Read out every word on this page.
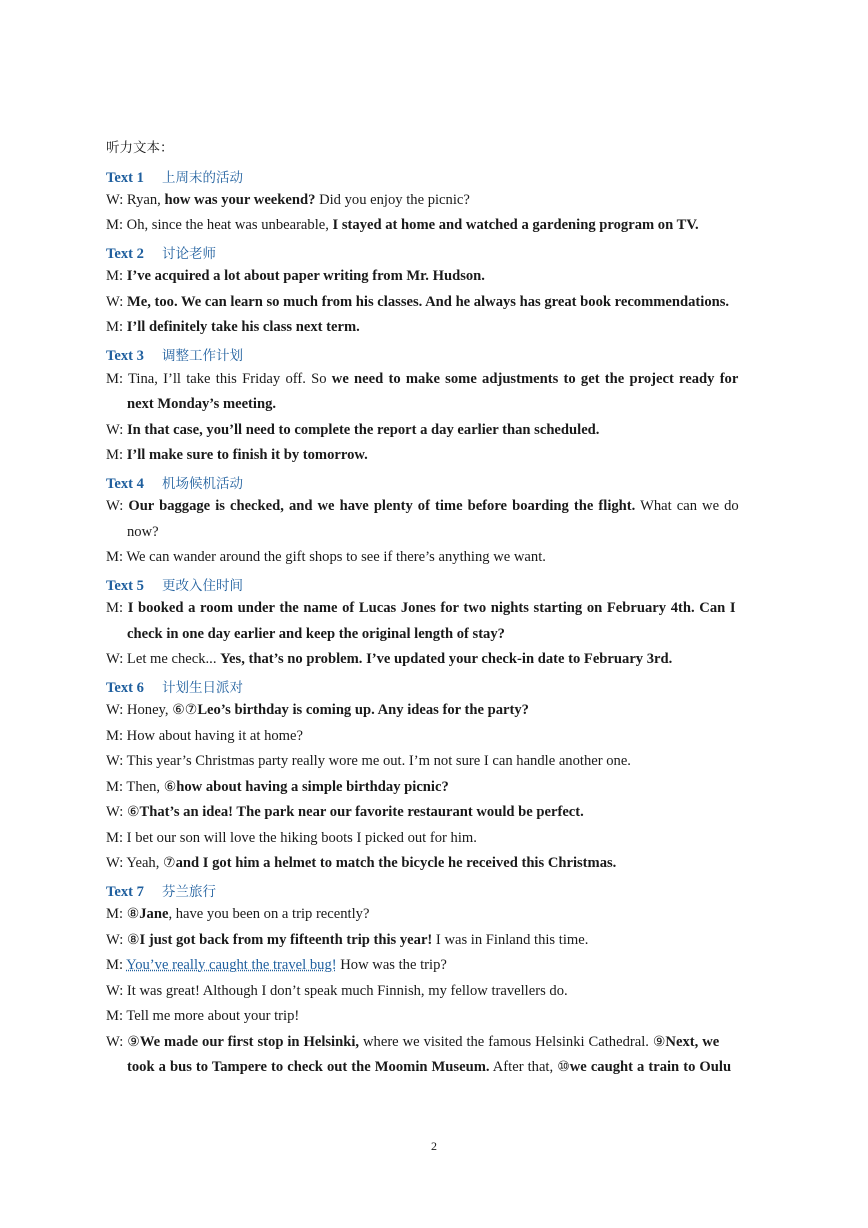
听力文本：
Text 1 上周末的活动
W: Ryan, how was your weekend? Did you enjoy the picnic?
M: Oh, since the heat was unbearable, I stayed at home and watched a gardening program on TV.
Text 2 讨论老师
M: I’ve acquired a lot about paper writing from Mr. Hudson.
W: Me, too. We can learn so much from his classes. And he always has great book recommendations.
M: I’ll definitely take his class next term.
Text 3 调整工作计划
M: Tina, I’ll take this Friday off. So we need to make some adjustments to get the project ready for
next Monday’s meeting.
W: In that case, you’ll need to complete the report a day earlier than scheduled.
M: I’ll make sure to finish it by tomorrow.
Text 4 机场候机活动
W: Our baggage is checked, and we have plenty of time before boarding the flight. What can we do
now?
M: We can wander around the gift shops to see if there’s anything we want.
Text 5 更改入住时间
M: I booked a room under the name of Lucas Jones for two nights starting on February 4th. Can I
check in one day earlier and keep the original length of stay?
W: Let me check... Yes, that’s no problem. I’ve updated your check-in date to February 3rd.
Text 6 计划生日派对
W: Honey, ⑥⑦Leo’s birthday is coming up. Any ideas for the party?
M: How about having it at home?
W: This year’s Christmas party really wore me out. I’m not sure I can handle another one.
M: Then, ⑥how about having a simple birthday picnic?
W: ⑥That’s an idea! The park near our favorite restaurant would be perfect.
M: I bet our son will love the hiking boots I picked out for him.
W: Yeah, ⑦and I got him a helmet to match the bicycle he received this Christmas.
Text 7 芬兰旅行
M: ⑧Jane, have you been on a trip recently?
W: ⑧I just got back from my fifteenth trip this year! I was in Finland this time.
M: You’ve really caught the travel bug! How was the trip?
W: It was great! Although I don’t speak much Finnish, my fellow travellers do.
M: Tell me more about your trip!
W: ⑨We made our first stop in Helsinki, where we visited the famous Helsinki Cathedral. ⑨Next, we
took a bus to Tampere to check out the Moomin Museum. After that, ⑩we caught a train to Oulu
2
